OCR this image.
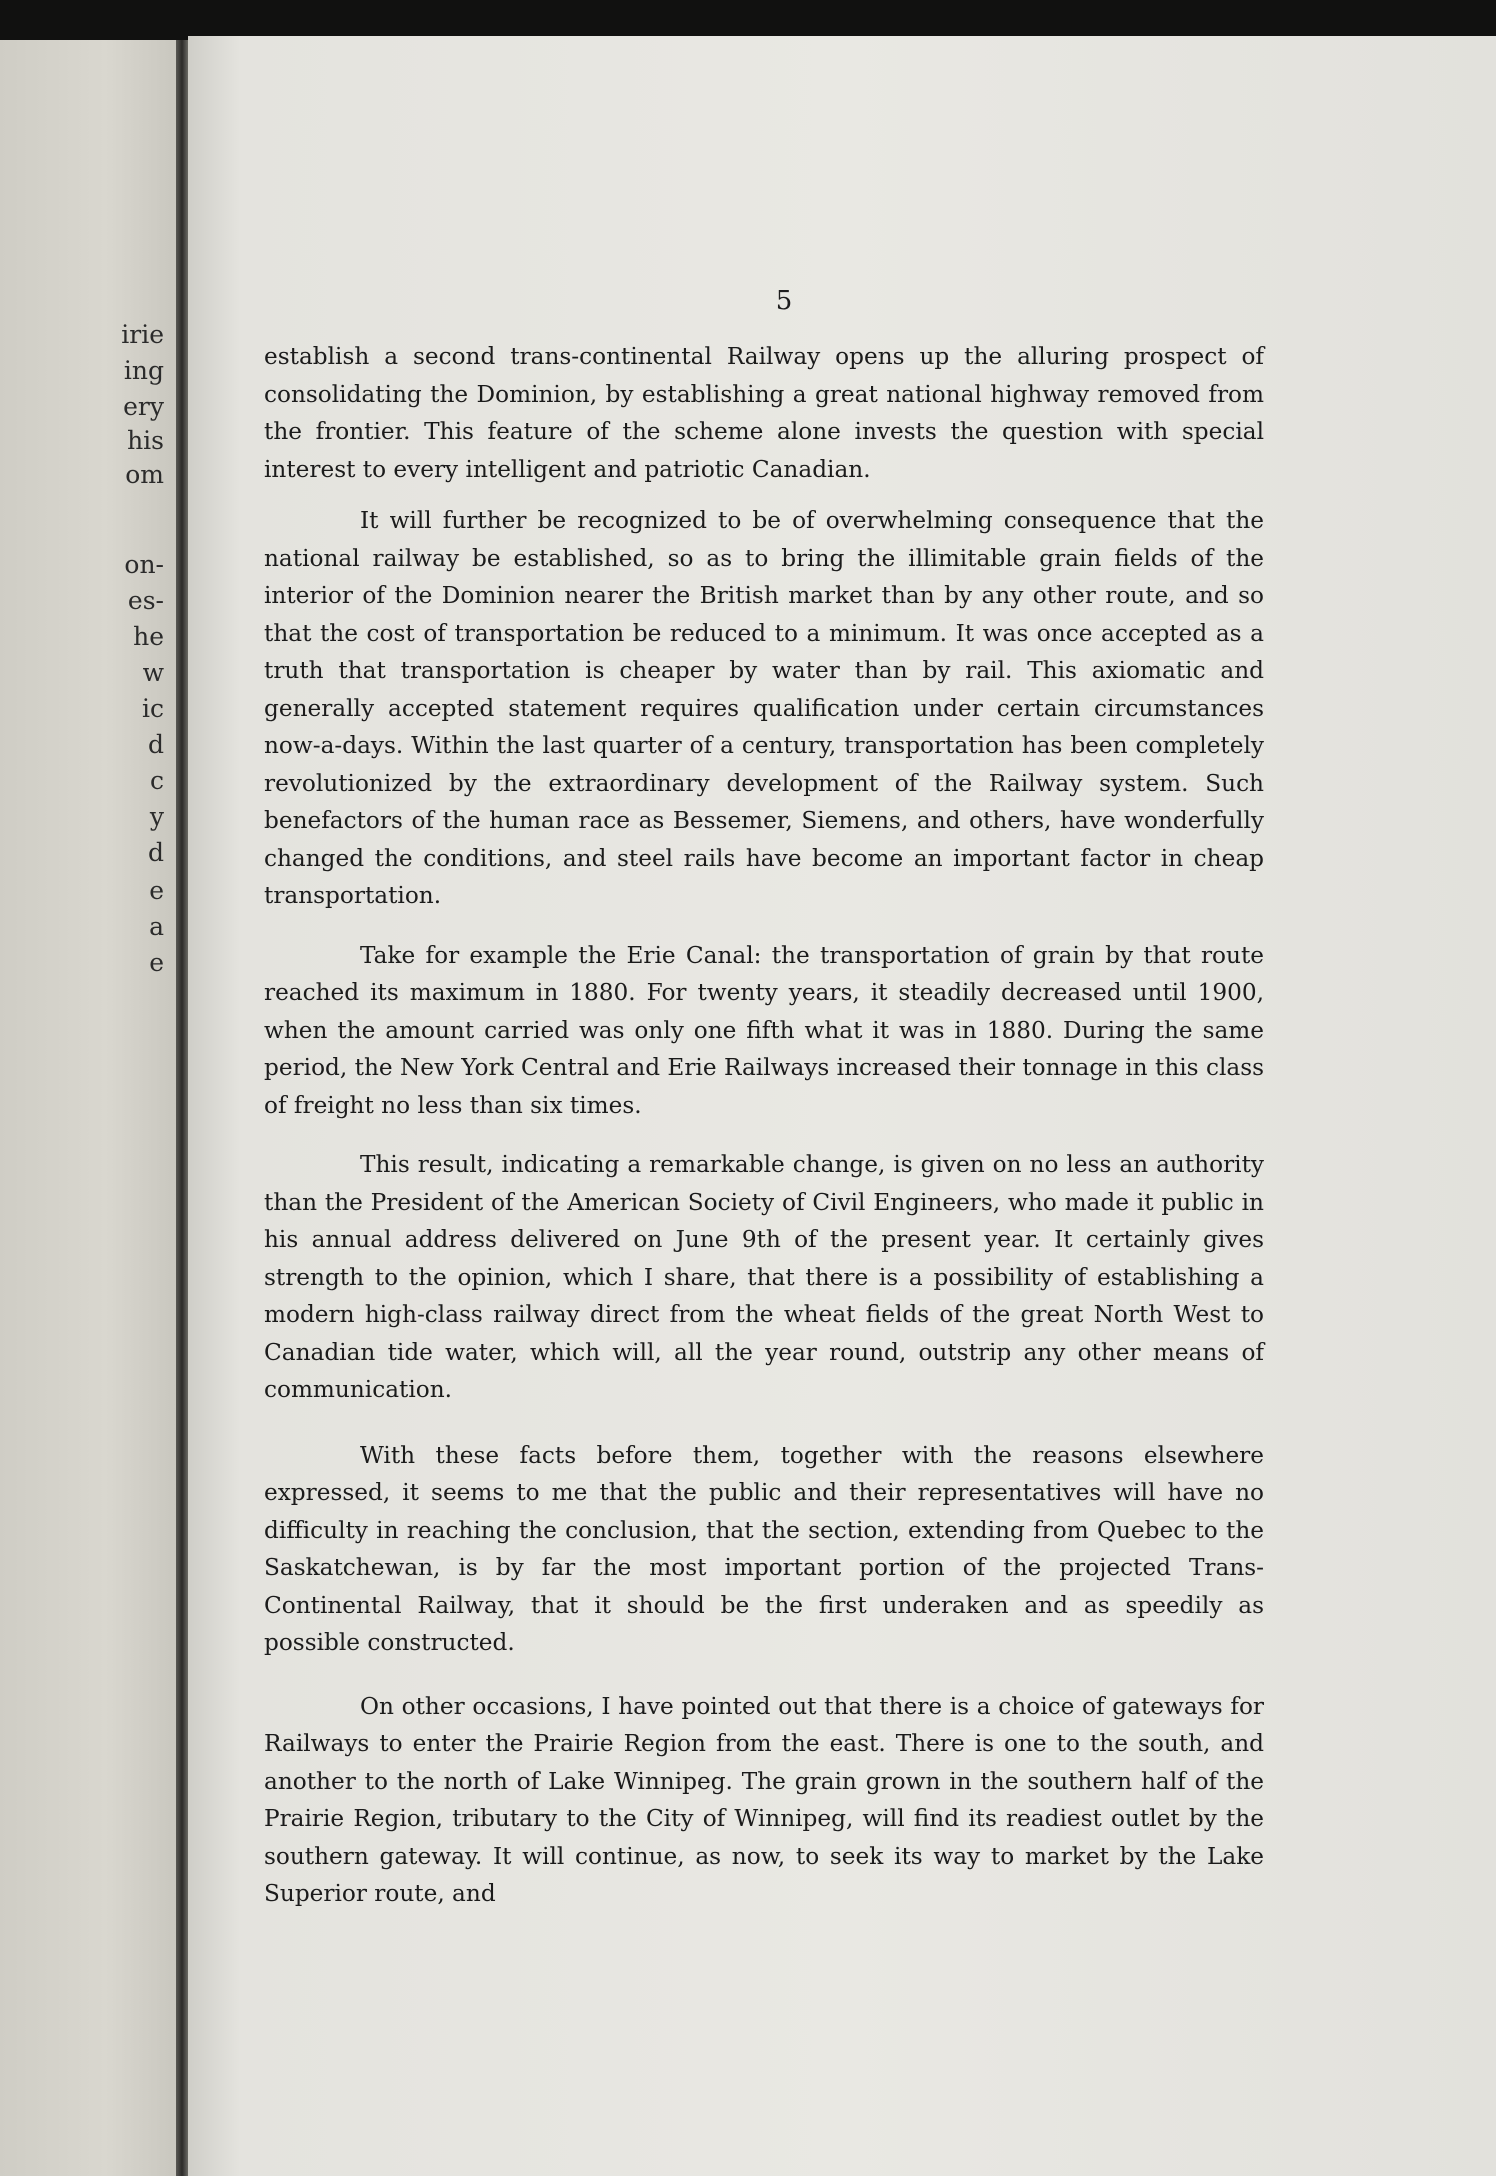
irie
ing
ery
his
om
on-
es-
he
w
ic
d
c
y
d
e
a
e
5

establish a second trans-continental Railway opens up the alluring prospect of consolidating the Dominion, by establishing a great national highway removed from the frontier. This feature of the scheme alone invests the question with special interest to every intelligent and patriotic Canadian.

It will further be recognized to be of overwhelming consequence that the national railway be established, so as to bring the illimitable grain fields of the interior of the Dominion nearer the British market than by any other route, and so that the cost of transportation be reduced to a minimum. It was once accepted as a truth that transportation is cheaper by water than by rail. This axiomatic and generally accepted statement requires qualification under certain circumstances now-a-days. Within the last quarter of a century, transportation has been completely revolutionized by the extraordinary development of the Railway system. Such benefactors of the human race as Bessemer, Siemens, and others, have wonderfully changed the conditions, and steel rails have become an important factor in cheap transportation.

Take for example the Erie Canal: the transportation of grain by that route reached its maximum in 1880. For twenty years, it steadily decreased until 1900, when the amount carried was only one fifth what it was in 1880. During the same period, the New York Central and Erie Railways increased their tonnage in this class of freight no less than six times.

This result, indicating a remarkable change, is given on no less an authority than the President of the American Society of Civil Engineers, who made it public in his annual address delivered on June 9th of the present year. It certainly gives strength to the opinion, which I share, that there is a possibility of establishing a modern high-class railway direct from the wheat fields of the great North West to Canadian tide water, which will, all the year round, outstrip any other means of communication.

With these facts before them, together with the reasons elsewhere expressed, it seems to me that the public and their representatives will have no difficulty in reaching the conclusion, that the section, extending from Quebec to the Saskatchewan, is by far the most important portion of the projected Trans-Continental Railway, that it should be the first underaken and as speedily as possible constructed.

On other occasions, I have pointed out that there is a choice of gateways for Railways to enter the Prairie Region from the east. There is one to the south, and another to the north of Lake Winnipeg. The grain grown in the southern half of the Prairie Region, tributary to the City of Winnipeg, will find its readiest outlet by the southern gateway. It will continue, as now, to seek its way to market by the Lake Superior route, and
